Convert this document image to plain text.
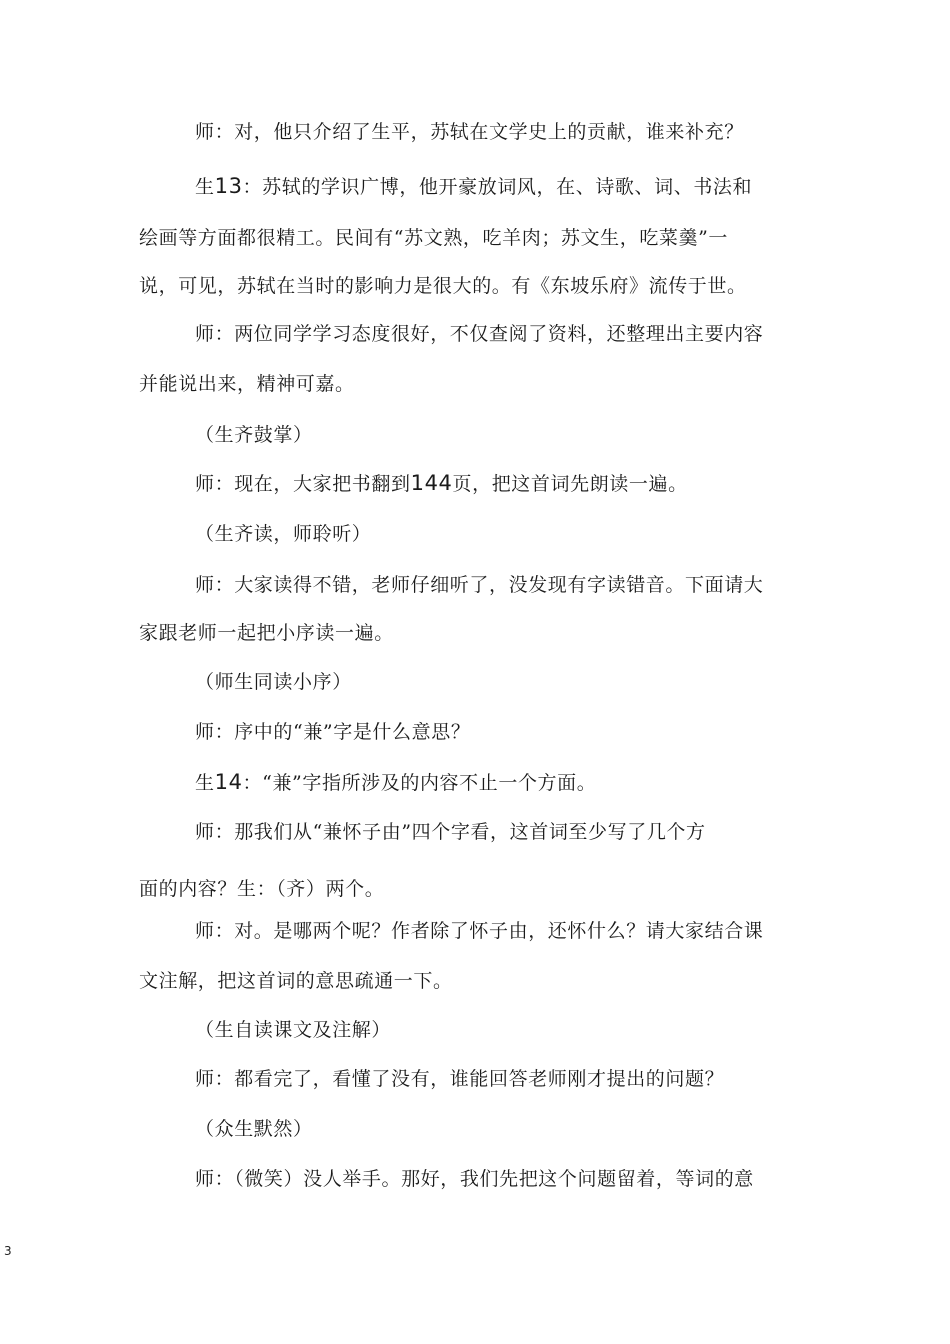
师：对，他只介绍了生平，苏轼在文学史上的贡献，谁来补充？
生13：苏轼的学识广博，他开豪放词风，在、诗歌、词、书法和
绘画等方面都很精工。民间有“苏文熟，吃羊肉；苏文生，吃菜羹”一
说，可见，苏轼在当时的影响力是很大的。有《东坡乐府》流传于世。
师：两位同学学习态度很好，不仅查阅了资料，还整理出主要内容
并能说出来，精神可嘉。
（生齐鼓掌）
师：现在，大家把书翻到144页，把这首词先朗读一遍。
（生齐读，师聆听）
师：大家读得不错，老师仔细听了，没发现有字读错音。下面请大
家跟老师一起把小序读一遍。
（师生同读小序）
师：序中的“兼”字是什么意思？
生14：“兼”字指所涉及的内容不止一个方面。
师：那我们从“兼怀子由”四个字看，这首词至少写了几个方
面的内容？生：（齐）两个。
师：对。是哪两个呢？作者除了怀子由，还怀什么？请大家结合课
文注解，把这首词的意思疏通一下。
（生自读课文及注解）
师：都看完了，看懂了没有，谁能回答老师刚才提出的问题？
（众生默然）
师：（微笑）没人举手。那好，我们先把这个问题留着，等词的意
3
